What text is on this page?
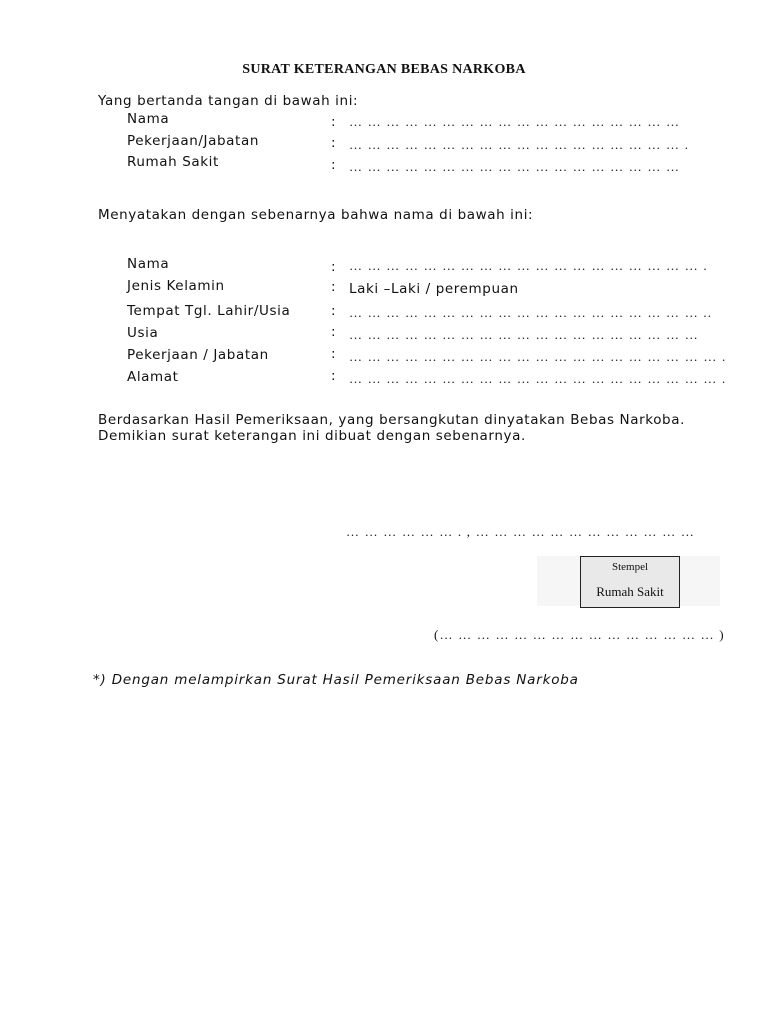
SURAT KETERANGAN BEBAS NARKOBA
Yang bertanda tangan di bawah ini:
Nama	: … … … … … … … … … … … … … … … … … …
Pekerjaan/Jabatan	: … … … … … … … … … … … … … … … … … … .
Rumah Sakit	: … … … … … … … … … … … … … … … … … …
Menyatakan dengan sebenarnya bahwa nama di bawah ini:
Nama	: … … … … … … … … … … … … … … … … … … … .
Jenis Kelamin	: Laki –Laki / perempuan
Tempat Tgl. Lahir/Usia	: … … … … … … … … … … … … … … … … … … … ..
Usia	: … … … … … … … … … … … … … … … … … … …
Pekerjaan / Jabatan	: … … … … … … … … … … … … … … … … … … … … .
Alamat	: … … … … … … … … … … … … … … … … … … … … .
Berdasarkan Hasil Pemeriksaan, yang bersangkutan dinyatakan Bebas Narkoba. Demikian surat keterangan ini dibuat dengan sebenarnya.
… … … … … … . , … … … … … … … … … … … …
Stempel
Rumah Sakit
(… … … … … … … … … … … … … … … )
*) Dengan melampirkan Surat Hasil Pemeriksaan Bebas Narkoba
